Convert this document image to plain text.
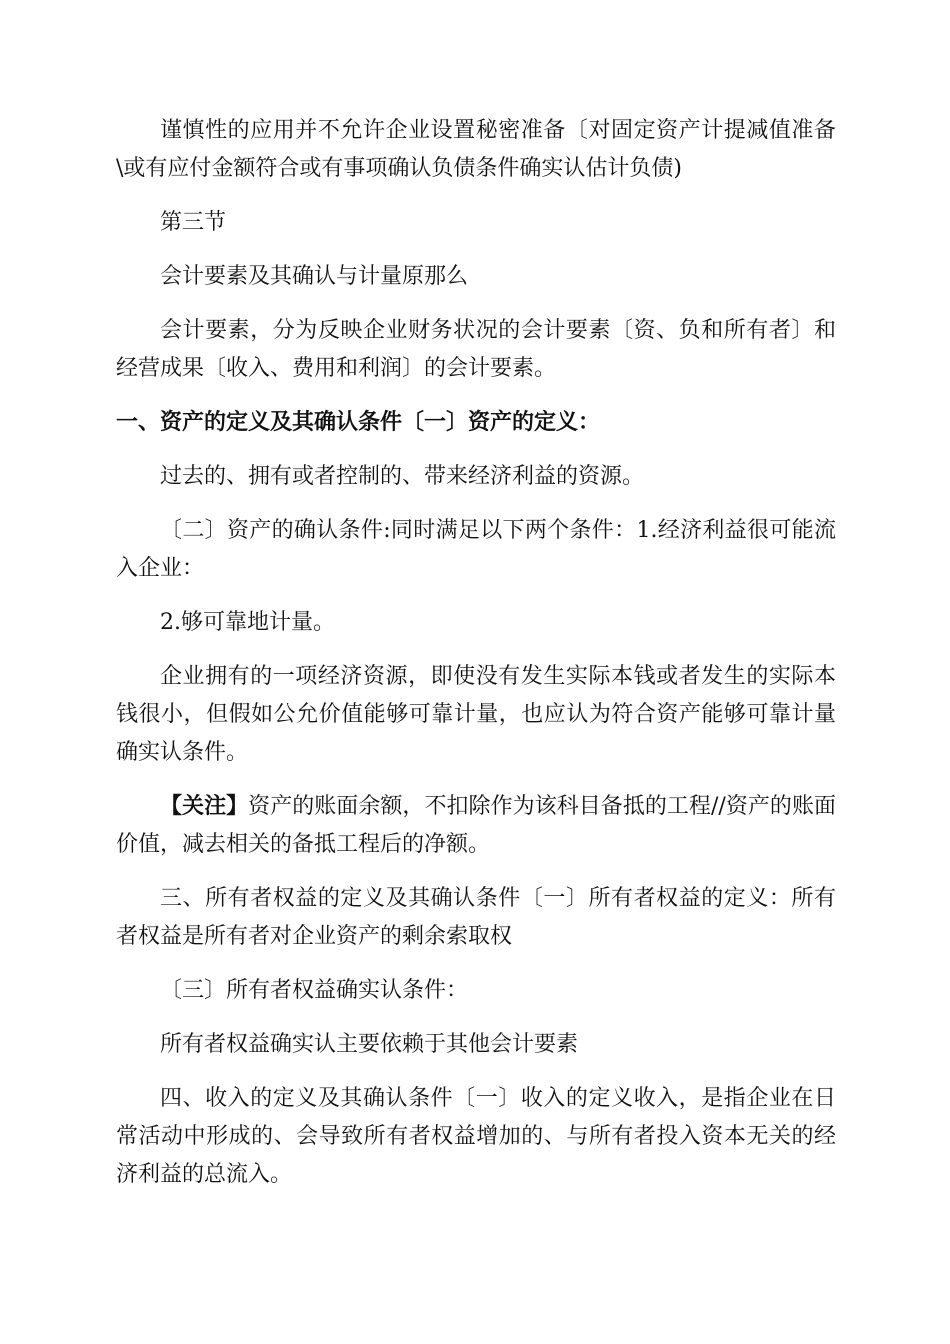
谨慎性的应用并不允许企业设置秘密准备〔对固定资产计提减值准备\或有应付金额符合或有事项确认负债条件确实认估计负债)

第三节

会计要素及其确认与计量原那么

会计要素，分为反映企业财务状况的会计要素〔资、负和所有者〕和经营成果〔收入、费用和利润〕的会计要素。

一、资产的定义及其确认条件〔一〕资产的定义：

过去的、拥有或者控制的、带来经济利益的资源。

〔二〕资产的确认条件:同时满足以下两个条件：1.经济利益很可能流入企业：

2.够可靠地计量。

企业拥有的一项经济资源，即使没有发生实际本钱或者发生的实际本钱很小，但假如公允价值能够可靠计量，也应认为符合资产能够可靠计量确实认条件。

【关注】资产的账面余额，不扣除作为该科目备抵的工程//资产的账面价值，减去相关的备抵工程后的净额。

三、所有者权益的定义及其确认条件〔一〕所有者权益的定义：所有者权益是所有者对企业资产的剩余索取权

〔三〕所有者权益确实认条件：

所有者权益确实认主要依赖于其他会计要素

四、收入的定义及其确认条件〔一〕收入的定义收入，是指企业在日常活动中形成的、会导致所有者权益增加的、与所有者投入资本无关的经济利益的总流入。
